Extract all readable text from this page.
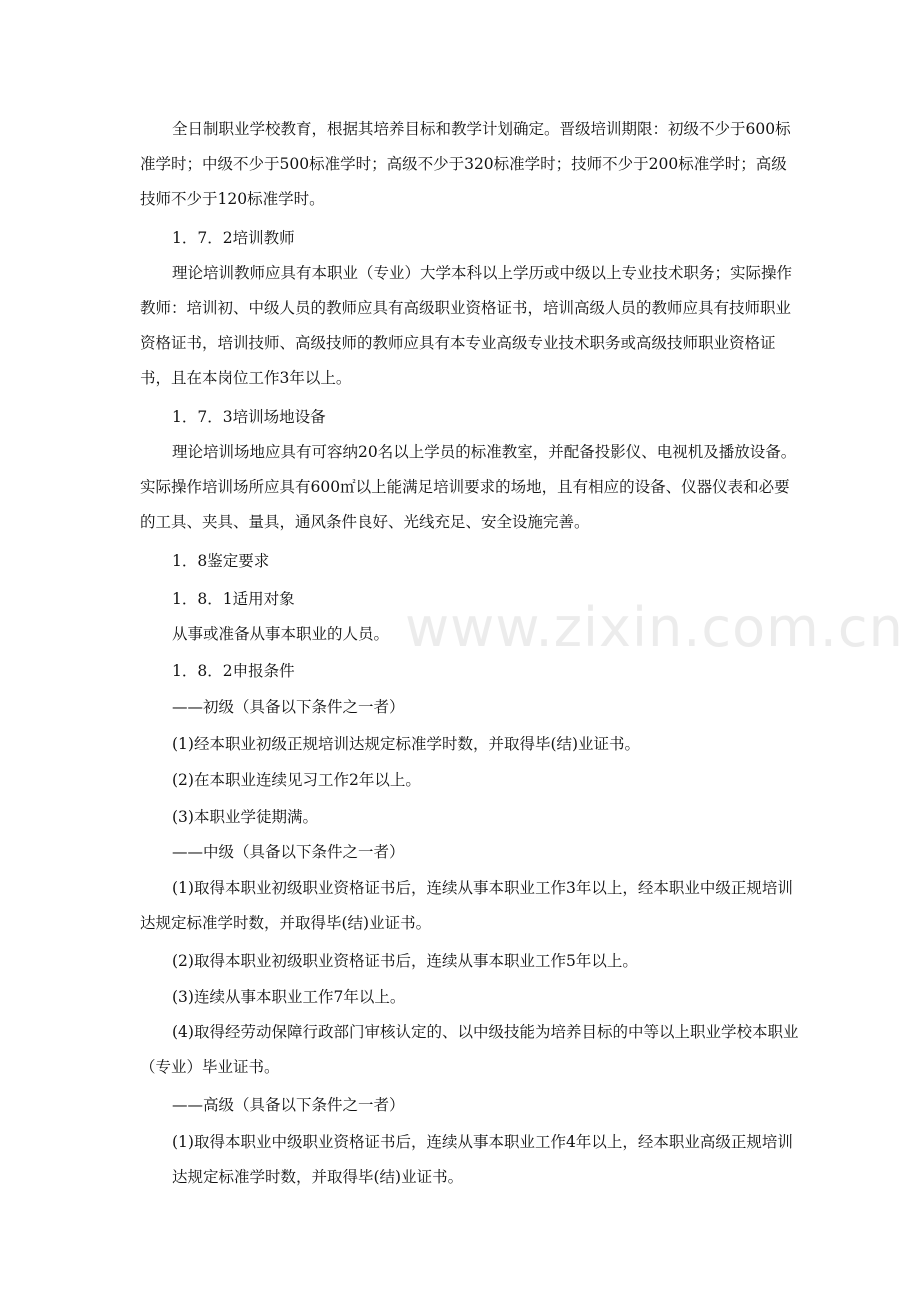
www.zixin.com.cn

全日制职业学校教育，根据其培养目标和教学计划确定。晋级培训期限：初级不少于600标准学时；中级不少于500标准学时；高级不少于320标准学时；技师不少于200标准学时；高级技师不少于120标准学时。

1．7．2培训教师

理论培训教师应具有本职业（专业）大学本科以上学历或中级以上专业技术职务；实际操作教师：培训初、中级人员的教师应具有高级职业资格证书，培训高级人员的教师应具有技师职业资格证书，培训技师、高级技师的教师应具有本专业高级专业技术职务或高级技师职业资格证书，且在本岗位工作3年以上。

1．7．3培训场地设备

理论培训场地应具有可容纳20名以上学员的标准教室，并配备投影仪、电视机及播放设备。实际操作培训场所应具有600㎡以上能满足培训要求的场地，且有相应的设备、仪器仪表和必要的工具、夹具、量具，通风条件良好、光线充足、安全设施完善。

1．8鉴定要求

1．8．1适用对象

从事或准备从事本职业的人员。

1．8．2申报条件

——初级（具备以下条件之一者）

(1)经本职业初级正规培训达规定标准学时数，并取得毕(结)业证书。

(2)在本职业连续见习工作2年以上。

(3)本职业学徒期满。

——中级（具备以下条件之一者）

(1)取得本职业初级职业资格证书后，连续从事本职业工作3年以上，经本职业中级正规培训达规定标准学时数，并取得毕(结)业证书。

(2)取得本职业初级职业资格证书后，连续从事本职业工作5年以上。

(3)连续从事本职业工作7年以上。

(4)取得经劳动保障行政部门审核认定的、以中级技能为培养目标的中等以上职业学校本职业（专业）毕业证书。

——高级（具备以下条件之一者）

(1)取得本职业中级职业资格证书后，连续从事本职业工作4年以上，经本职业高级正规培训达规定标准学时数，并取得毕(结)业证书。
